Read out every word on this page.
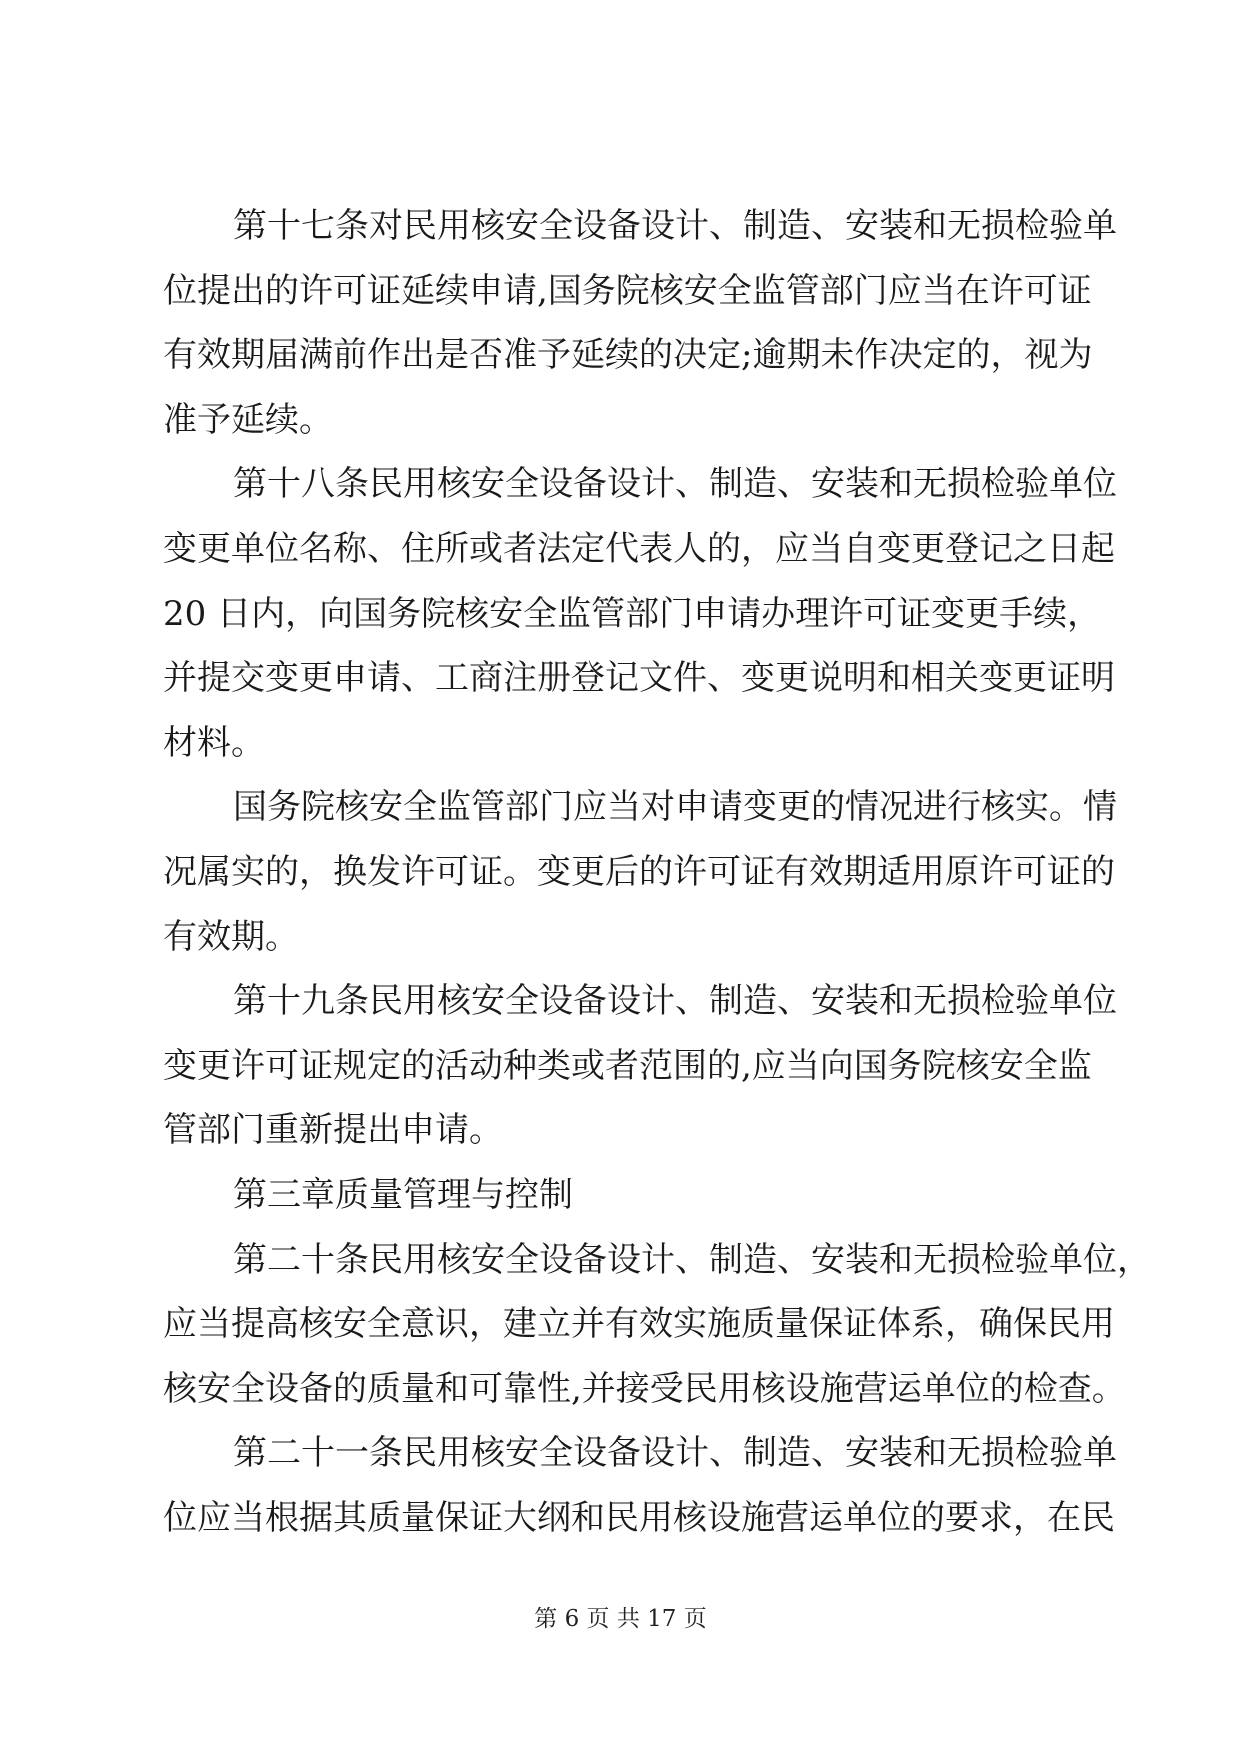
第十七条对民用核安全设备设计、制造、安装和无损检验单
位提出的许可证延续申请,国务院核安全监管部门应当在许可证
有效期届满前作出是否准予延续的决定;逾期未作决定的，视为
准予延续。
第十八条民用核安全设备设计、制造、安装和无损检验单位
变更单位名称、住所或者法定代表人的，应当自变更登记之日起
20 日内，向国务院核安全监管部门申请办理许可证变更手续，
并提交变更申请、工商注册登记文件、变更说明和相关变更证明
材料。
国务院核安全监管部门应当对申请变更的情况进行核实。情
况属实的，换发许可证。变更后的许可证有效期适用原许可证的
有效期。
第十九条民用核安全设备设计、制造、安装和无损检验单位
变更许可证规定的活动种类或者范围的,应当向国务院核安全监
管部门重新提出申请。
第三章质量管理与控制
第二十条民用核安全设备设计、制造、安装和无损检验单位，
应当提高核安全意识，建立并有效实施质量保证体系，确保民用
核安全设备的质量和可靠性,并接受民用核设施营运单位的检查。
第二十一条民用核安全设备设计、制造、安装和无损检验单
位应当根据其质量保证大纲和民用核设施营运单位的要求，在民
第 6 页 共 17 页
